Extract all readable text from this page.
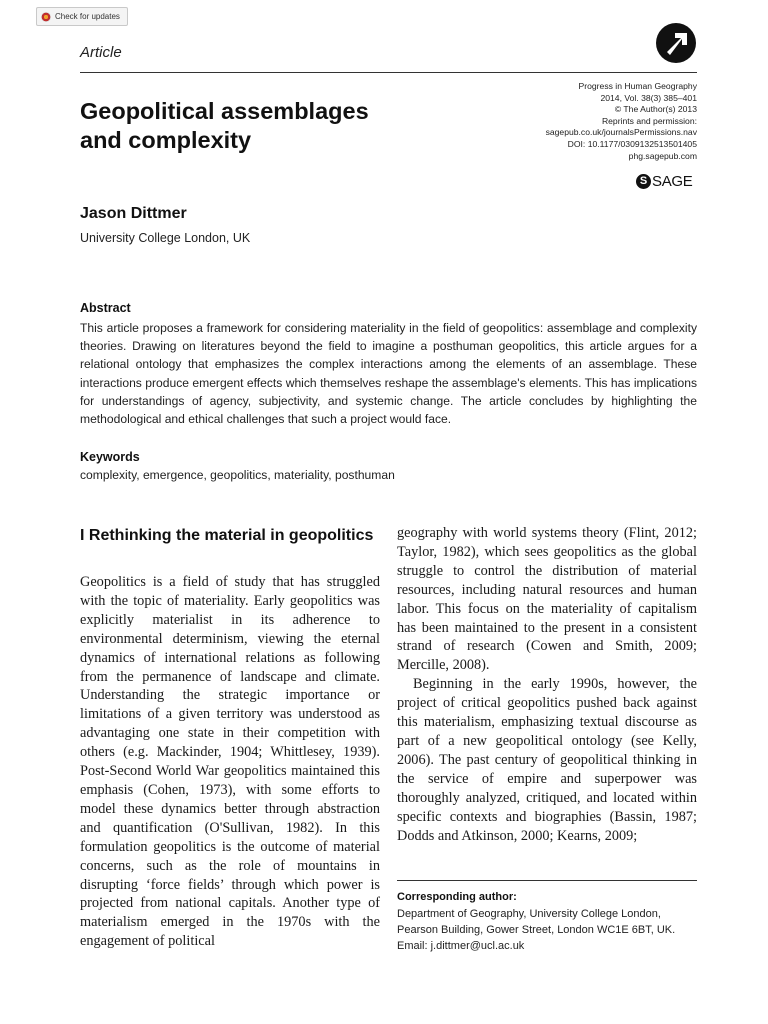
Check for updates
Article
Geopolitical assemblages and complexity
Progress in Human Geography
2014, Vol. 38(3) 385–401
© The Author(s) 2013
Reprints and permission:
sagepub.co.uk/journalsPermissions.nav
DOI: 10.1177/0309132513501405
phg.sagepub.com
S SAGE
Jason Dittmer
University College London, UK
Abstract
This article proposes a framework for considering materiality in the field of geopolitics: assemblage and complexity theories. Drawing on literatures beyond the field to imagine a posthuman geopolitics, this article argues for a relational ontology that emphasizes the complex interactions among the elements of an assemblage. These interactions produce emergent effects which themselves reshape the assemblage's elements. This has implications for understandings of agency, subjectivity, and systemic change. The article concludes by highlighting the methodological and ethical challenges that such a project would face.
Keywords
complexity, emergence, geopolitics, materiality, posthuman
I Rethinking the material in geopolitics
Geopolitics is a field of study that has struggled with the topic of materiality. Early geopolitics was explicitly materialist in its adherence to environmental determinism, viewing the eternal dynamics of international relations as following from the permanence of landscape and climate. Understanding the strategic importance or limitations of a given territory was understood as advantaging one state in their competition with others (e.g. Mackinder, 1904; Whittlesey, 1939). Post-Second World War geopolitics maintained this emphasis (Cohen, 1973), with some efforts to model these dynamics better through abstraction and quantification (O'Sullivan, 1982). In this formulation geopolitics is the outcome of material concerns, such as the role of mountains in disrupting ‘force fields’ through which power is projected from national capitals. Another type of materialism emerged in the 1970s with the engagement of political

geography with world systems theory (Flint, 2012; Taylor, 1982), which sees geopolitics as the global struggle to control the distribution of material resources, including natural resources and human labor. This focus on the materiality of capitalism has been maintained to the present in a consistent strand of research (Cowen and Smith, 2009; Mercille, 2008).

Beginning in the early 1990s, however, the project of critical geopolitics pushed back against this materialism, emphasizing textual discourse as part of a new geopolitical ontology (see Kelly, 2006). The past century of geopolitical thinking in the service of empire and superpower was thoroughly analyzed, critiqued, and located within specific contexts and biographies (Bassin, 1987; Dodds and Atkinson, 2000; Kearns, 2009;

Corresponding author:
Department of Geography, University College London,
Pearson Building, Gower Street, London WC1E 6BT, UK.
Email: j.dittmer@ucl.ac.uk
